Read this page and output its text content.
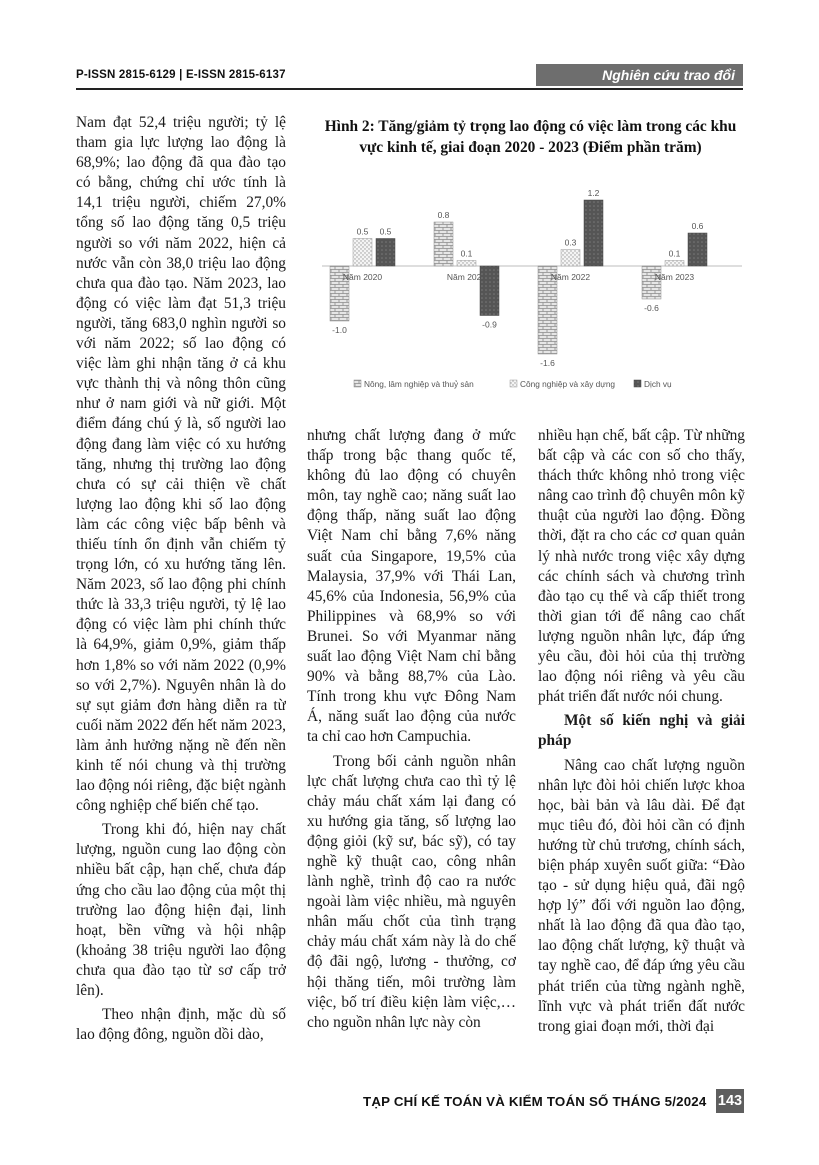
P-ISSN 2815-6129 | E-ISSN 2815-6137	Nghiên cứu trao đổi

Nam đạt 52,4 triệu người; tỷ lệ tham gia lực lượng lao động là 68,9%; lao động đã qua đào tạo có bằng, chứng chỉ ước tính là 14,1 triệu người, chiếm 27,0% tổng số lao động tăng 0,5 triệu người so với năm 2022, hiện cả nước vẫn còn 38,0 triệu lao động chưa qua đào tạo. Năm 2023, lao động có việc làm đạt 51,3 triệu người, tăng 683,0 nghìn người so với năm 2022; số lao động có việc làm ghi nhận tăng ở cả khu vực thành thị và nông thôn cũng như ở nam giới và nữ giới. Một điểm đáng chú ý là, số người lao động đang làm việc có xu hướng tăng, nhưng thị trường lao động chưa có sự cải thiện về chất lượng lao động khi số lao động làm các công việc bấp bênh và thiếu tính ổn định vẫn chiếm tỷ trọng lớn, có xu hướng tăng lên. Năm 2023, số lao động phi chính thức là 33,3 triệu người, tỷ lệ lao động có việc làm phi chính thức là 64,9%, giảm 0,9%, giảm thấp hơn 1,8% so với năm 2022 (0,9% so với 2,7%). Nguyên nhân là do sự sụt giảm đơn hàng diễn ra từ cuối năm 2022 đến hết năm 2023, làm ảnh hưởng nặng nề đến nền kinh tế nói chung và thị trường lao động nói riêng, đặc biệt ngành công nghiệp chế biến chế tạo.

Trong khi đó, hiện nay chất lượng, nguồn cung lao động còn nhiều bất cập, hạn chế, chưa đáp ứng cho cầu lao động của một thị trường lao động hiện đại, linh hoạt, bền vững và hội nhập (khoảng 38 triệu người lao động chưa qua đào tạo từ sơ cấp trở lên).

Theo nhận định, mặc dù số lao động đông, nguồn dồi dào,

Hình 2: Tăng/giảm tỷ trọng lao động có việc làm trong các khu vực kinh tế, giai đoạn 2020 - 2023 (Điểm phần trăm)
-1.0
0.5 0.5
0.8
0.1
-0.9
-1.6
0.3
1.2
-0.6
0.1
0.6
Năm 2020	Năm 2021	Năm 2022	Năm 2023
Nông, lâm nghiệp và thuỷ sản	Công nghiệp và xây dựng	Dịch vụ

nhưng chất lượng đang ở mức thấp trong bậc thang quốc tế, không đủ lao động có chuyên môn, tay nghề cao; năng suất lao động thấp, năng suất lao động Việt Nam chỉ bằng 7,6% năng suất của Singapore, 19,5% của Malaysia, 37,9% với Thái Lan, 45,6% của Indonesia, 56,9% của Philippines và 68,9% so với Brunei. So với Myanmar năng suất lao động Việt Nam chỉ bằng 90% và bằng 88,7% của Lào. Tính trong khu vực Đông Nam Á, năng suất lao động của nước ta chỉ cao hơn Campuchia.

Trong bối cảnh nguồn nhân lực chất lượng chưa cao thì tỷ lệ chảy máu chất xám lại đang có xu hướng gia tăng, số lượng lao động giỏi (kỹ sư, bác sỹ), có tay nghề kỹ thuật cao, công nhân lành nghề, trình độ cao ra nước ngoài làm việc nhiều, mà nguyên nhân mấu chốt của tình trạng chảy máu chất xám này là do chế độ đãi ngộ, lương - thưởng, cơ hội thăng tiến, môi trường làm việc, bố trí điều kiện làm việc,… cho nguồn nhân lực này còn

nhiều hạn chế, bất cập. Từ những bất cập và các con số cho thấy, thách thức không nhỏ trong việc nâng cao trình độ chuyên môn kỹ thuật của người lao động. Đồng thời, đặt ra cho các cơ quan quản lý nhà nước trong việc xây dựng các chính sách và chương trình đào tạo cụ thể và cấp thiết trong thời gian tới để nâng cao chất lượng nguồn nhân lực, đáp ứng yêu cầu, đòi hỏi của thị trường lao động nói riêng và yêu cầu phát triển đất nước nói chung.

Một số kiến nghị và giải pháp

Nâng cao chất lượng nguồn nhân lực đòi hỏi chiến lược khoa học, bài bản và lâu dài. Để đạt mục tiêu đó, đòi hỏi cần có định hướng từ chủ trương, chính sách, biện pháp xuyên suốt giữa: “Đào tạo - sử dụng hiệu quả, đãi ngộ hợp lý” đối với nguồn lao động, nhất là lao động đã qua đào tạo, lao động chất lượng, kỹ thuật và tay nghề cao, để đáp ứng yêu cầu phát triển của từng ngành nghề, lĩnh vực và phát triển đất nước trong giai đoạn mới, thời đại

TẠP CHÍ KẾ TOÁN VÀ KIỂM TOÁN SỐ THÁNG 5/2024 143
